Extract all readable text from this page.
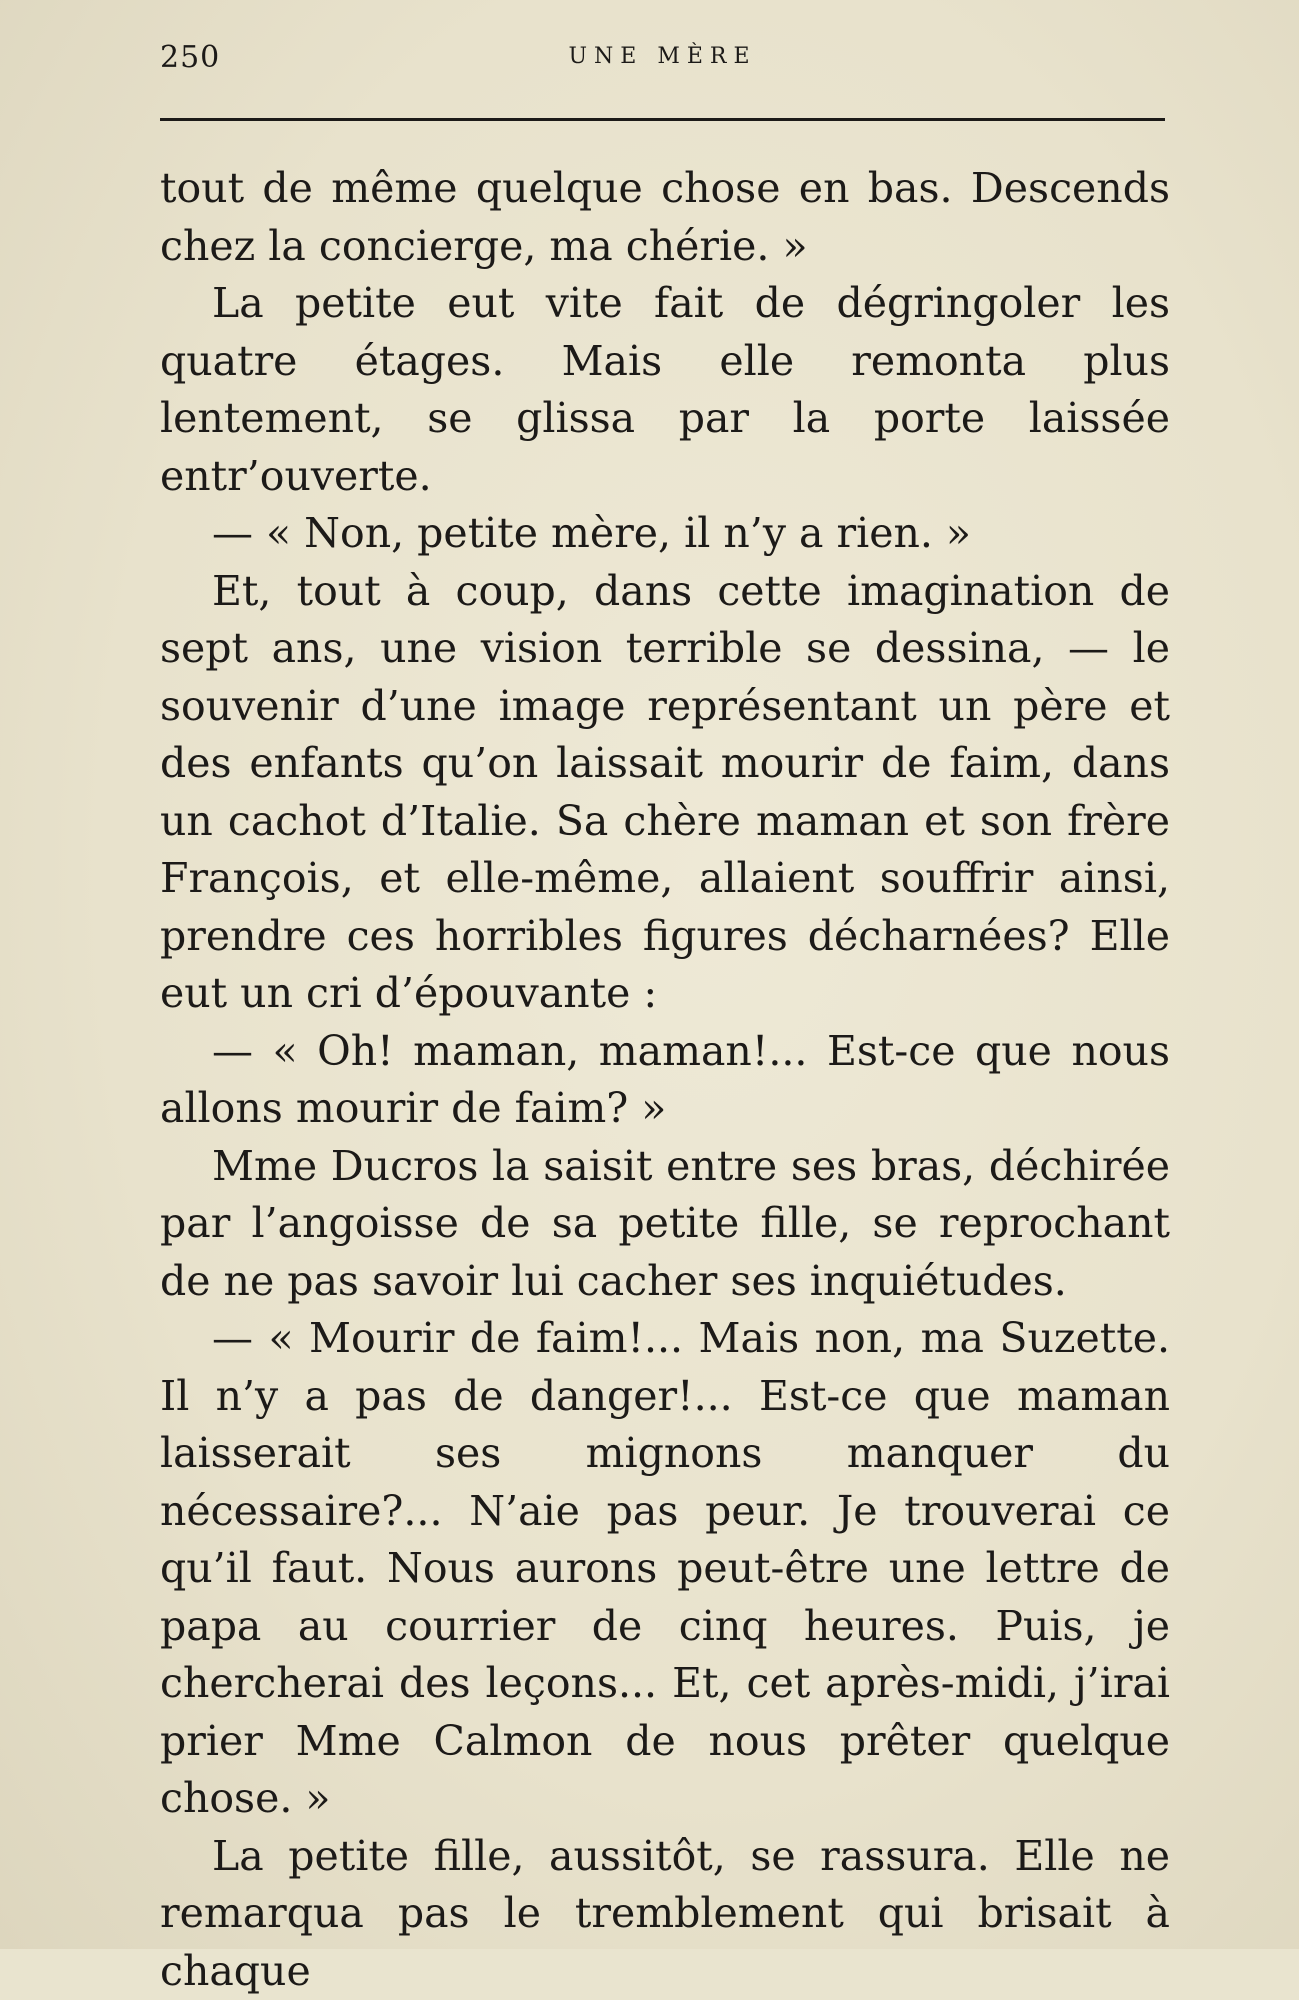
250	UNE MÈRE

tout de même quelque chose en bas. Descends chez la concierge, ma chérie. »

La petite eut vite fait de dégringoler les quatre étages. Mais elle remonta plus lentement, se glissa par la porte laissée entr’ouverte.

— « Non, petite mère, il n’y a rien. »

Et, tout à coup, dans cette imagination de sept ans, une vision terrible se dessina, — le souvenir d’une image représentant un père et des enfants qu’on laissait mourir de faim, dans un cachot d’Italie. Sa chère maman et son frère François, et elle-même, allaient souffrir ainsi, prendre ces horribles figures décharnées? Elle eut un cri d’épouvante :

— « Oh! maman, maman!... Est-ce que nous allons mourir de faim? »

Mme Ducros la saisit entre ses bras, déchirée par l’angoisse de sa petite fille, se reprochant de ne pas savoir lui cacher ses inquiétudes.

— « Mourir de faim!... Mais non, ma Suzette. Il n’y a pas de danger!... Est-ce que maman laisserait ses mignons manquer du nécessaire?... N’aie pas peur. Je trouverai ce qu’il faut. Nous aurons peut-être une lettre de papa au courrier de cinq heures. Puis, je chercherai des leçons... Et, cet après-midi, j’irai prier Mme Calmon de nous prêter quelque chose. »

La petite fille, aussitôt, se rassura. Elle ne remarqua pas le tremblement qui brisait à chaque
